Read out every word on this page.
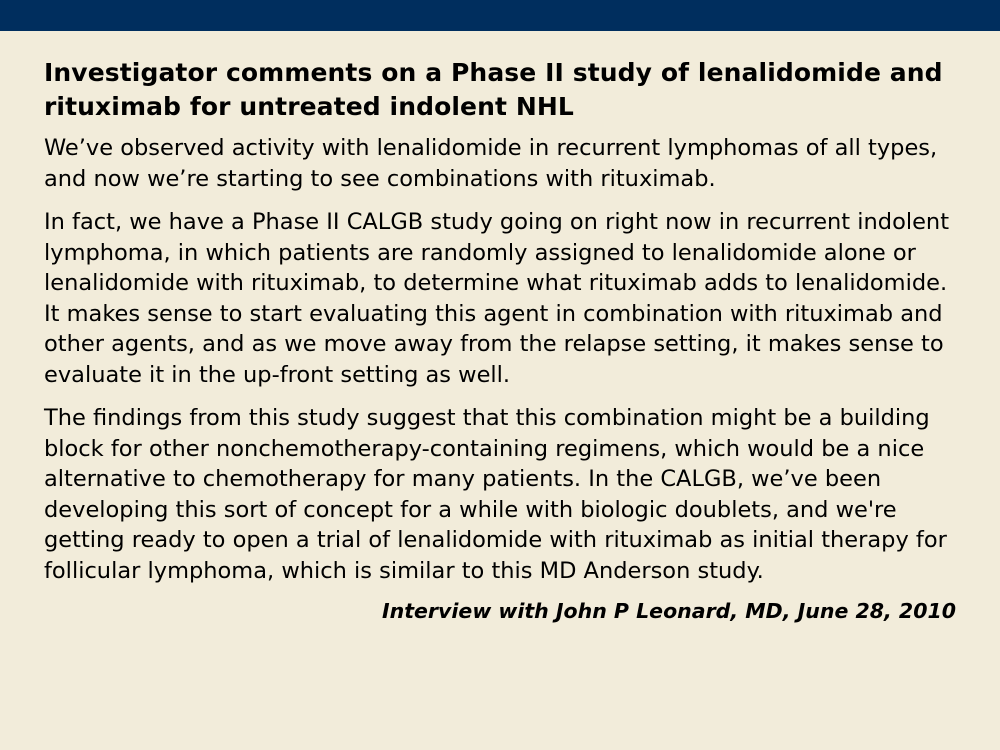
Investigator comments on a Phase II study of lenalidomide and rituximab for untreated indolent NHL

We’ve observed activity with lenalidomide in recurrent lymphomas of all types, and now we’re starting to see combinations with rituximab.

In fact, we have a Phase II CALGB study going on right now in recurrent indolent lymphoma, in which patients are randomly assigned to lenalidomide alone or lenalidomide with rituximab, to determine what rituximab adds to lenalidomide. It makes sense to start evaluating this agent in combination with rituximab and other agents, and as we move away from the relapse setting, it makes sense to evaluate it in the up-front setting as well.

The findings from this study suggest that this combination might be a building block for other nonchemotherapy-containing regimens, which would be a nice alternative to chemotherapy for many patients. In the CALGB, we’ve been developing this sort of concept for a while with biologic doublets, and we're getting ready to open a trial of lenalidomide with rituximab as initial therapy for follicular lymphoma, which is similar to this MD Anderson study.

Interview with John P Leonard, MD, June 28, 2010
